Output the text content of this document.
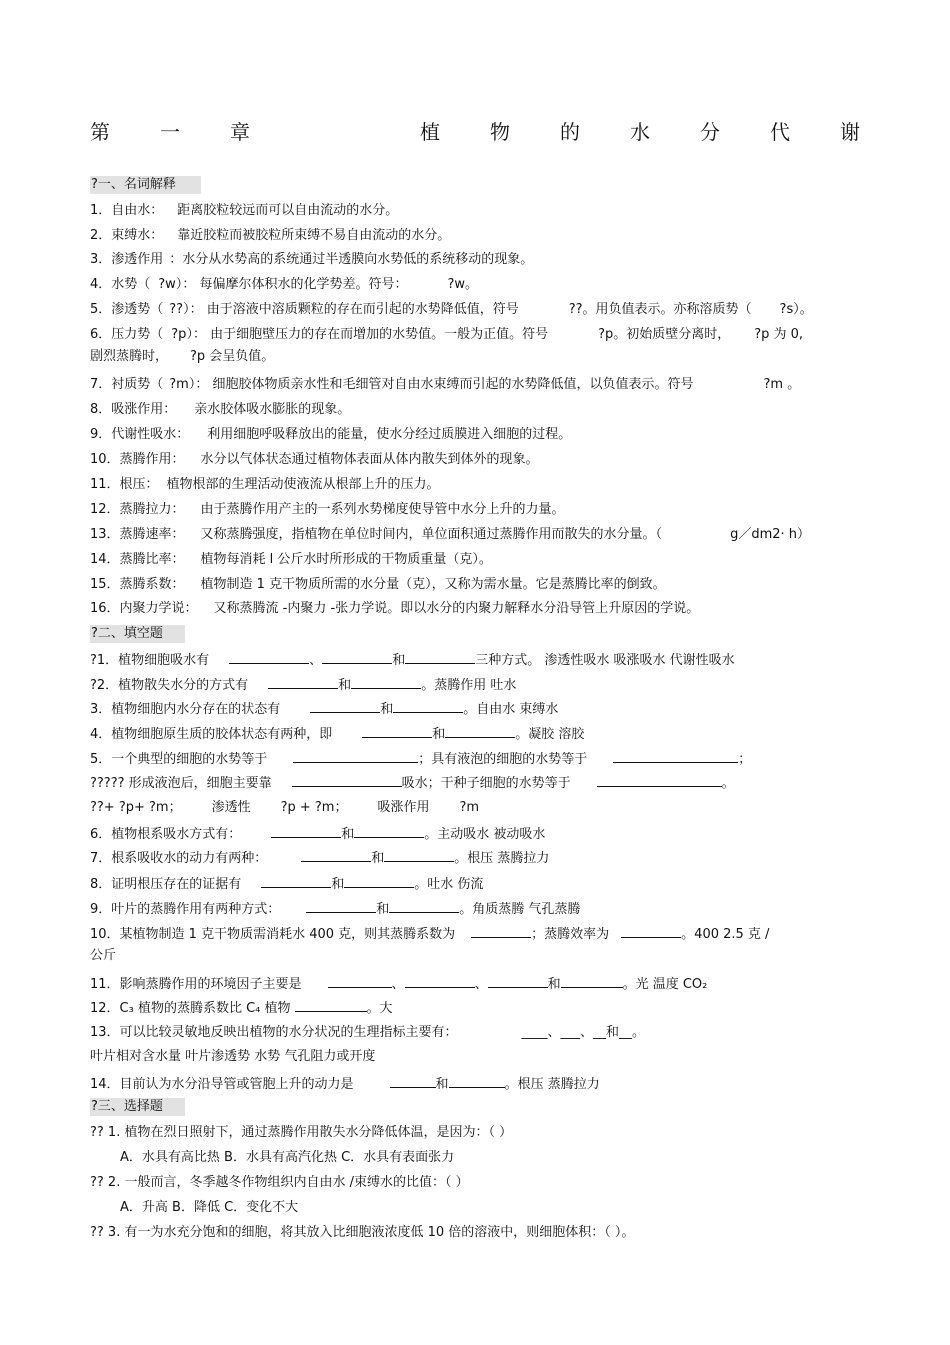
第	一	章	植	物	的	水	分	代	谢
?一、名词解释
1．自由水： 距离胶粒较远而可以自由流动的水分。
2．束缚水： 靠近胶粒而被胶粒所束缚不易自由流动的水分。
3．渗透作用 ：水分从水势高的系统通过半透膜向水势低的系统移动的现象。
4．水势（ ?w）： 每偏摩尔体积水的化学势差。符号：	?w。
5．渗透势（ ??）： 由于溶液中溶质颗粒的存在而引起的水势降低值，符号	??。用负值表示。亦称溶质势（ ?s）。
6．压力势（ ?p）： 由于细胞壁压力的存在而增加的水势值。一般为正值。符号	?p。初始质壁分离时， ?p 为 0,
剧烈蒸腾时， ?p 会呈负值。
7．衬质势（ ?m）： 细胞胶体物质亲水性和毛细管对自由水束缚而引起的水势降低值，以负值表示。符号	?m 。
8．吸涨作用： 亲水胶体吸水膨胀的现象。
9．代谢性吸水： 利用细胞呼吸释放出的能量，使水分经过质膜进入细胞的过程。
10．蒸腾作用： 水分以气体状态通过植物体表面从体内散失到体外的现象。
11．根压： 植物根部的生理活动使液流从根部上升的压力。
12．蒸腾拉力： 由于蒸腾作用产主的一系列水势梯度使导管中水分上升的力量。
13．蒸腾速率： 又称蒸腾强度，指植物在单位时间内，单位面积通过蒸腾作用而散失的水分量。（	g／dm2· h）
14．蒸腾比率： 植物每消耗 l 公斤水时所形成的干物质重量（克）。
15．蒸腾系数： 植物制造 1 克干物质所需的水分量（克），又称为需水量。它是蒸腾比率的倒致。
16．内聚力学说： 又称蒸腾流 -内聚力 -张力学说。即以水分的内聚力解释水分沿导管上升原因的学说。
?二、填空题
?1．植物细胞吸水有	、	和	三种方式。 渗透性吸水 吸涨吸水 代谢性吸水
?2．植物散失水分的方式有	和	。蒸腾作用 吐水
3．植物细胞内水分存在的状态有	和	。自由水 束缚水
4．植物细胞原生质的胶体状态有两种，即	和	。凝胶 溶胶
5．一个典型的细胞的水势等于	；具有液泡的细胞的水势等于	；
????? 形成液泡后，细胞主要靠	吸水；干种子细胞的水势等于	。
??+ ?p+ ?m； 渗透性 ?p + ?m； 吸涨作用 ?m
6．植物根系吸水方式有：	和	。主动吸水 被动吸水
7．根系吸收水的动力有两种：	和	。根压 蒸腾拉力
8．证明根压存在的证据有	和	。吐水 伤流
9．叶片的蒸腾作用有两种方式：	和	。角质蒸腾 气孔蒸腾
10．某植物制造 1 克干物质需消耗水 400 克，则其蒸腾系数为	；蒸腾效率为	。400 2.5 克 /
公斤
11．影响蒸腾作用的环境因子主要是	、	、	和	。光 温度 CO₂
12．C₃ 植物的蒸腾系数比 C₄ 植物	。大
13．可以比较灵敏地反映出植物的水分状况的生理指标主要有：	____、___、__和__。
叶片相对含水量 叶片渗透势 水势 气孔阻力或开度
14．目前认为水分沿导管或管胞上升的动力是	和	。根压 蒸腾拉力
?三、选择题
?? 1. 植物在烈日照射下，通过蒸腾作用散失水分降低体温，是因为：（ ）
A．水具有高比热 B．水具有高汽化热 C．水具有表面张力
?? 2. 一般而言，冬季越冬作物组织内自由水 /束缚水的比值：（ ）
A．升高 B．降低 C．变化不大
?? 3. 有一为水充分饱和的细胞，将其放入比细胞液浓度低 10 倍的溶液中，则细胞体积：（ ）。
